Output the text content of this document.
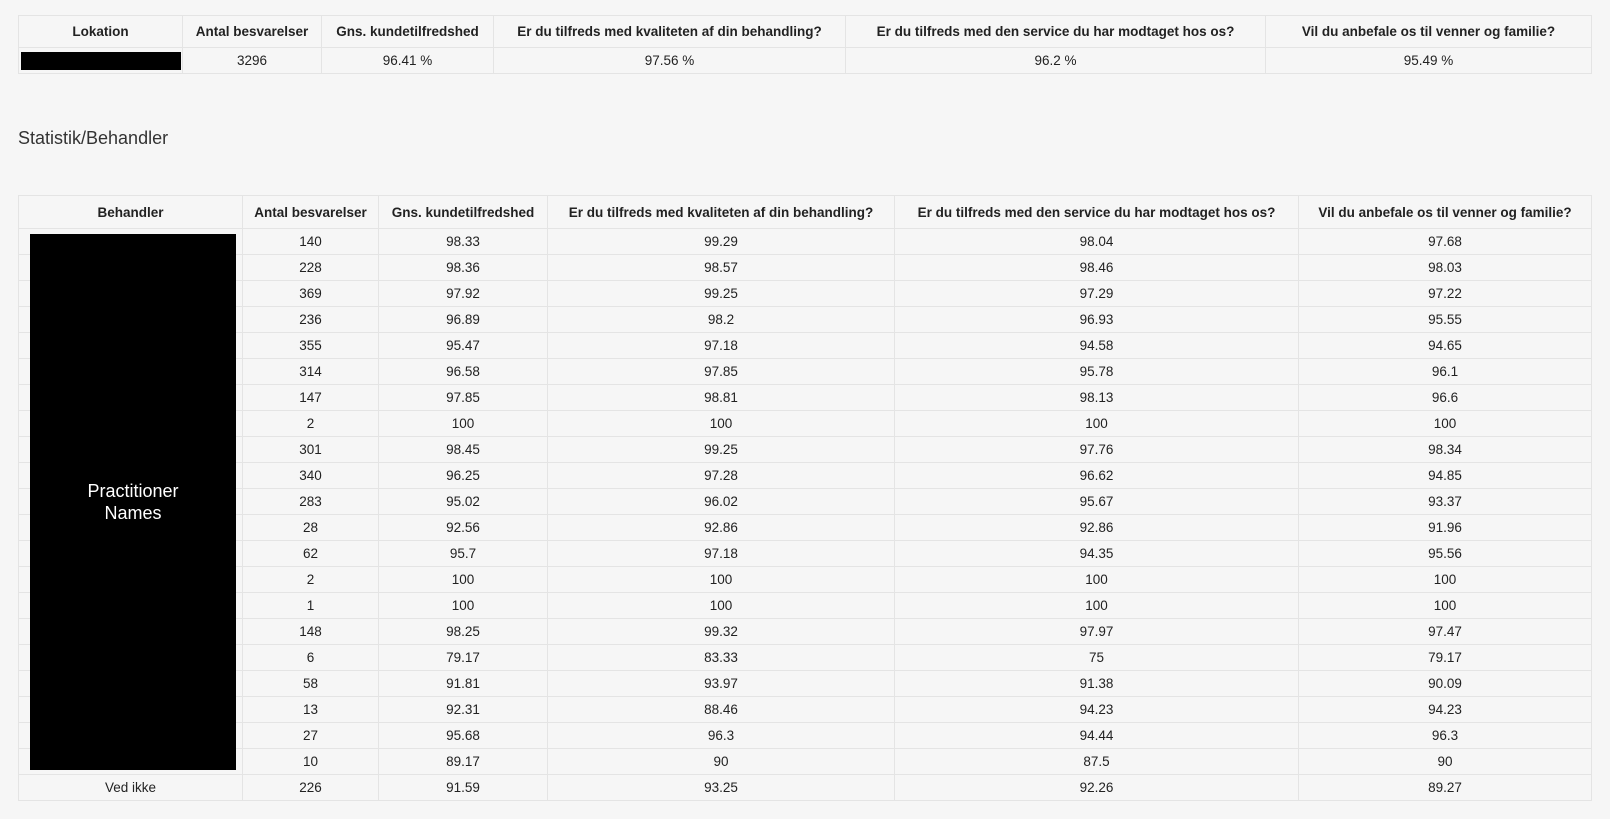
Lokation	Antal besvarelser	Gns. kundetilfredshed	Er du tilfreds med kvaliteten af din behandling?	Er du tilfreds med den service du har modtaget hos os?	Vil du anbefale os til venner og familie?

	3296	96.41 %	97.56 %	96.2 %	95.49 %
Statistik/Behandler
Behandler	Antal besvarelser	Gns. kundetilfredshed	Er du tilfreds med kvaliteten af din behandling?	Er du tilfreds med den service du har modtaget hos os?	Vil du anbefale os til venner og familie?
	140	98.33	99.29	98.04	97.68
	228	98.36	98.57	98.46	98.03
	369	97.92	99.25	97.29	97.22
	236	96.89	98.2	96.93	95.55
	355	95.47	97.18	94.58	94.65
	314	96.58	97.85	95.78	96.1
	147	97.85	98.81	98.13	96.6
	2	100	100	100	100
	301	98.45	99.25	97.76	98.34
	340	96.25	97.28	96.62	94.85
	283	95.02	96.02	95.67	93.37
	28	92.56	92.86	92.86	91.96
	62	95.7	97.18	94.35	95.56
	2	100	100	100	100
	1	100	100	100	100
	148	98.25	99.32	97.97	97.47
	6	79.17	83.33	75	79.17
	58	91.81	93.97	91.38	90.09
	13	92.31	88.46	94.23	94.23
	27	95.68	96.3	94.44	96.3
	10	89.17	90	87.5	90
Ved ikke	226	91.59	93.25	92.26	89.27
Practitioner Names
